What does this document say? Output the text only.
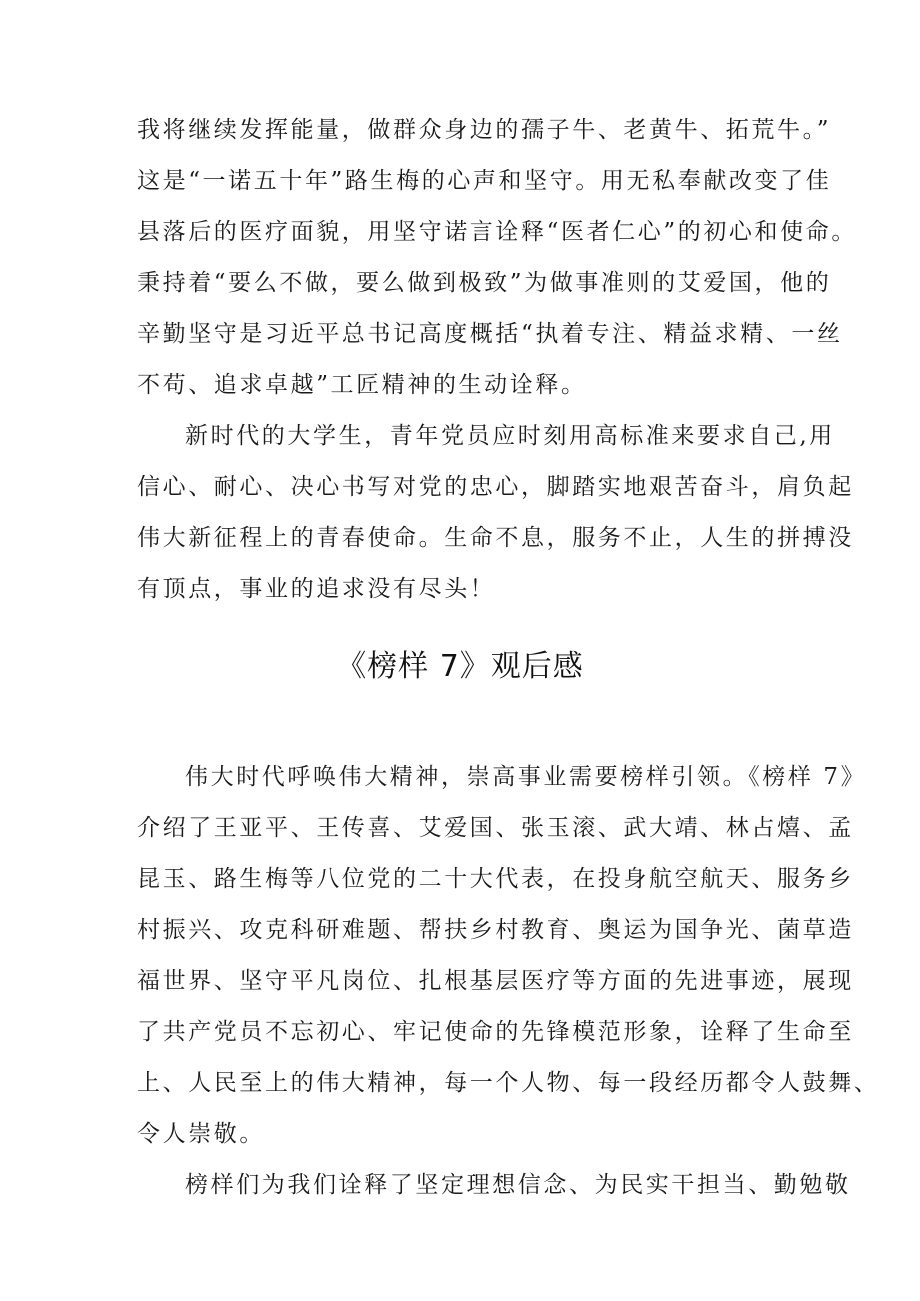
我将继续发挥能量，做群众身边的孺子牛、老黄牛、拓荒牛。”
这是“一诺五十年”路生梅的心声和坚守。用无私奉献改变了佳
县落后的医疗面貌，用坚守诺言诠释“医者仁心”的初心和使命。
秉持着“要么不做，要么做到极致”为做事准则的艾爱国，他的
辛勤坚守是习近平总书记高度概括“执着专注、精益求精、一丝
不苟、追求卓越”工匠精神的生动诠释。
新时代的大学生，青年党员应时刻用高标准来要求自己,用
信心、耐心、决心书写对党的忠心，脚踏实地艰苦奋斗，肩负起
伟大新征程上的青春使命。生命不息，服务不止，人生的拼搏没
有顶点，事业的追求没有尽头！
《榜样 7》观后感
伟大时代呼唤伟大精神，崇高事业需要榜样引领。《榜样 7》
介绍了王亚平、王传喜、艾爱国、张玉滚、武大靖、林占熺、孟
昆玉、路生梅等八位党的二十大代表，在投身航空航天、服务乡
村振兴、攻克科研难题、帮扶乡村教育、奥运为国争光、菌草造
福世界、坚守平凡岗位、扎根基层医疗等方面的先进事迹，展现
了共产党员不忘初心、牢记使命的先锋模范形象，诠释了生命至
上、人民至上的伟大精神，每一个人物、每一段经历都令人鼓舞、
令人崇敬。
榜样们为我们诠释了坚定理想信念、为民实干担当、勤勉敬
